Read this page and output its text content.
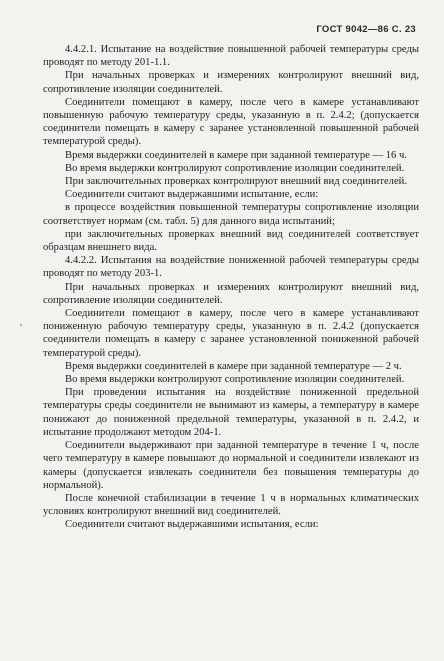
ГОСТ 9042—86 С. 23

4.4.2.1. Испытание на воздействие повышенной рабочей температуры среды проводят по методу 201-1.1.

При начальных проверках и измерениях контролируют внешний вид, сопротивление изоляции соединителей.

Соединители помещают в камеру, после чего в камере устанавливают повышенную рабочую температуру среды, указанную в п. 2.4.2; (допускается соединители помещать в камеру с заранее установленной повышенной рабочей температурой среды).

Время выдержки соединителей в камере при заданной температуре — 16 ч.

Во время выдержки контролируют сопротивление изоляции соединителей.

При заключительных проверках контролируют внешний вид соединителей.

Соединители считают выдержавшими испытание, если:

в процессе воздействия повышенной температуры сопротивление изоляции соответствует нормам (см. табл. 5) для данного вида испытаний;

при заключительных проверках внешний вид соединителей соответствует образцам внешнего вида.

4.4.2.2. Испытания на воздействие пониженной рабочей температуры среды проводят по методу 203-1.

При начальных проверках и измерениях контролируют внешний вид, сопротивление изоляции соединителей.

Соединители помещают в камеру, после чего в камере устанавливают пониженную рабочую температуру среды, указанную в п. 2.4.2 (допускается соединители помещать в камеру с заранее установленной пониженной рабочей температурой среды).

Время выдержки соединителей в камере при заданной температуре — 2 ч.

Во время выдержки контролируют сопротивление изоляции соединителей.

При проведении испытания на воздействие пониженной предельной температуры среды соединители не вынимают из камеры, а температуру в камере понижают до пониженной предельной температуры, указанной в п. 2.4.2, и испытание продолжают методом 204-1.

Соединители выдерживают при заданной температуре в течение 1 ч, после чего температуру в камере повышают до нормальной и соединители извлекают из камеры (допускается извлекать соединители без повышения температуры до нормальной).

После конечной стабилизации в течение 1 ч в нормальных климатических условиях контролируют внешний вид соединителей.

Соединители считают выдержавшими испытания, если:
